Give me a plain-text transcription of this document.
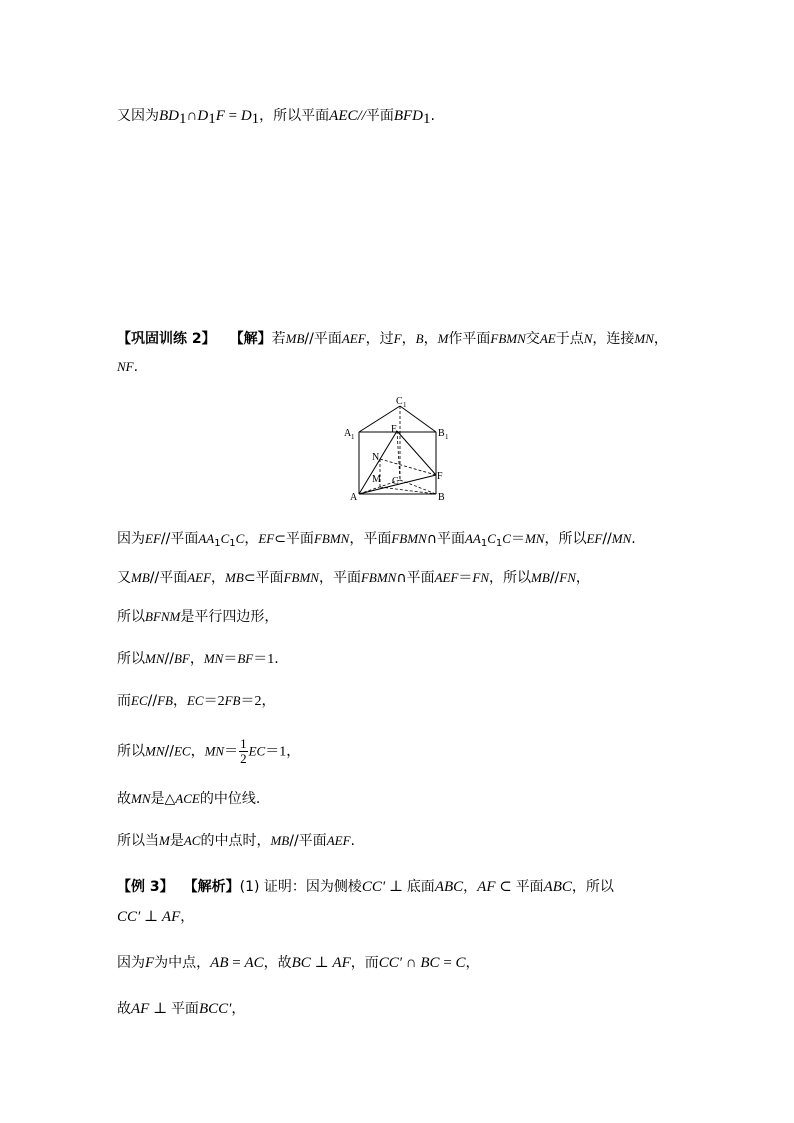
又因为$BD_1\cap D_1F = D_1$，所以平面AEC//平面$BFD_1$.
【巩固训练 2】 【解】若MB//平面AEF，过F，B，M作平面FBMN交AE于点N，连接MN，
NF.
C 1
A 1	B 1
E
N
M C	F
A	B
因为EF//平面$AA_1C_1C$，EF⊂平面FBMN，平面FBMN∩平面$AA_1C_1C=MN$，所以EF//MN.
又MB//平面AEF，MB⊂平面FBMN，平面FBMN∩平面AEF＝FN，所以MB//FN，
所以BFNM是平行四边形，
所以MN//BF，MN＝BF＝1.
而EC//FB，EC＝2FB＝2，
所以MN//EC，$MN= \frac{1}{2} EC=1$，
故MN是△ACE的中位线.
所以当M是AC的中点时，MB//平面AEF.
【例 3】 【解析】(1) 证明：因为侧棱CC′ ⊥ 底面ABC，AF ⊂ 平面ABC，所以
CC′ ⊥ AF，
因为F为中点，AB = AC，故BC ⊥ AF，而CC′ ∩ BC = C，
故AF ⊥ 平面BCC′，
